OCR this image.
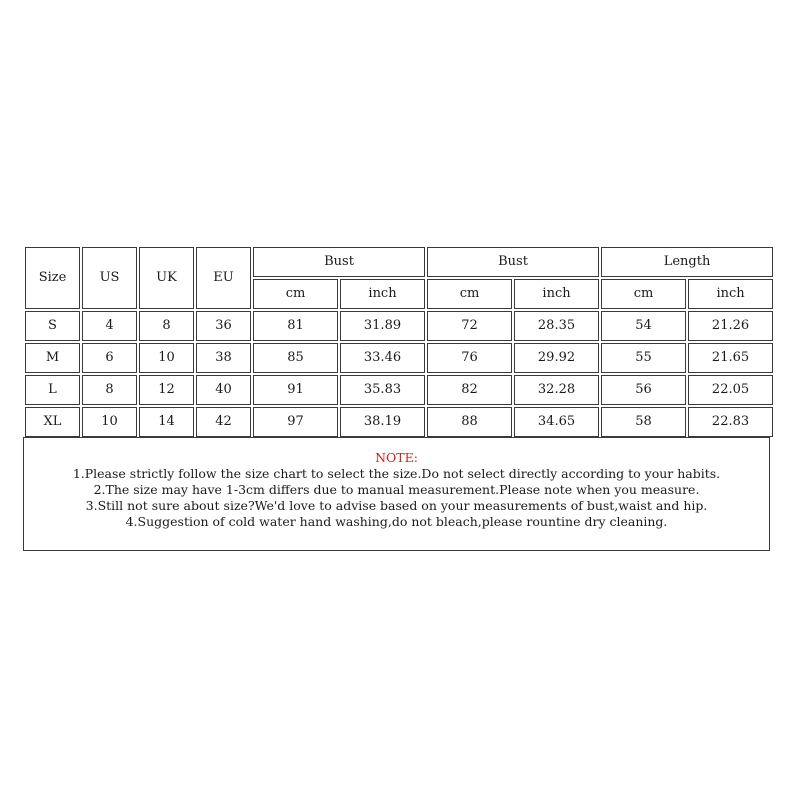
Size	US	UK	EU	Bust		Bust		Length	
				cm	inch	cm	inch	cm	inch
S	4	8	36	81	31.89	72	28.35	54	21.26
M	6	10	38	85	33.46	76	29.92	55	21.65
L	8	12	40	91	35.83	82	32.28	56	22.05
XL	10	14	42	97	38.19	88	34.65	58	22.83

NOTE:

1.Please strictly follow the size chart to select the size.Do not select directly according to your habits.

2.The size may have 1-3cm differs due to manual measurement.Please note when you measure.

3.Still not sure about size?We'd love to advise based on your measurements of bust,waist and hip.

4.Suggestion of cold water hand washing,do not bleach,please rountine dry cleaning.
